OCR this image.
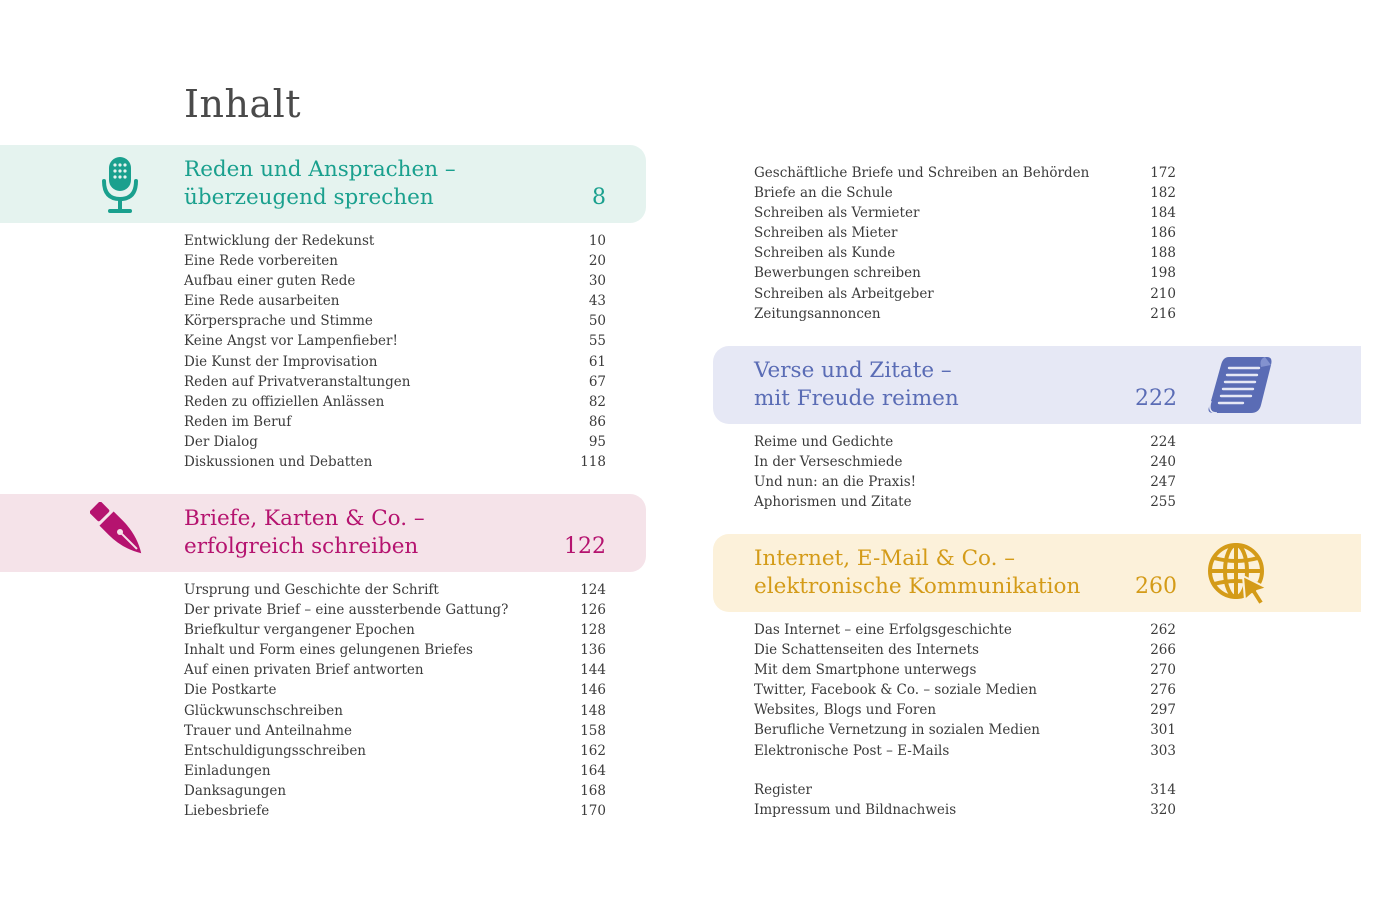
Inhalt
Reden und Ansprachen –
überzeugend sprechen	8
Entwicklung der Redekunst	10
Eine Rede vorbereiten	20
Aufbau einer guten Rede	30
Eine Rede ausarbeiten	43
Körpersprache und Stimme	50
Keine Angst vor Lampenfieber!	55
Die Kunst der Improvisation	61
Reden auf Privatveranstaltungen	67
Reden zu offiziellen Anlässen	82
Reden im Beruf	86
Der Dialog	95
Diskussionen und Debatten	118
Briefe, Karten & Co. –
erfolgreich schreiben	122
Ursprung und Geschichte der Schrift	124
Der private Brief – eine aussterbende Gattung?	126
Briefkultur vergangener Epochen	128
Inhalt und Form eines gelungenen Briefes	136
Auf einen privaten Brief antworten	144
Die Postkarte	146
Glückwunschschreiben	148
Trauer und Anteilnahme	158
Entschuldigungsschreiben	162
Einladungen	164
Danksagungen	168
Liebesbriefe	170
Geschäftliche Briefe und Schreiben an Behörden	172
Briefe an die Schule	182
Schreiben als Vermieter	184
Schreiben als Mieter	186
Schreiben als Kunde	188
Bewerbungen schreiben	198
Schreiben als Arbeitgeber	210
Zeitungsannoncen	216
Verse und Zitate –
mit Freude reimen	222
Reime und Gedichte	224
In der Verseschmiede	240
Und nun: an die Praxis!	247
Aphorismen und Zitate	255
Internet, E-Mail & Co. –
elektronische Kommunikation 260
Das Internet – eine Erfolgsgeschichte	262
Die Schattenseiten des Internets	266
Mit dem Smartphone unterwegs	270
Twitter, Facebook & Co. – soziale Medien	276
Websites, Blogs und Foren	297
Berufliche Vernetzung in sozialen Medien	301
Elektronische Post – E-Mails	303
Register	314
Impressum und Bildnachweis	320
